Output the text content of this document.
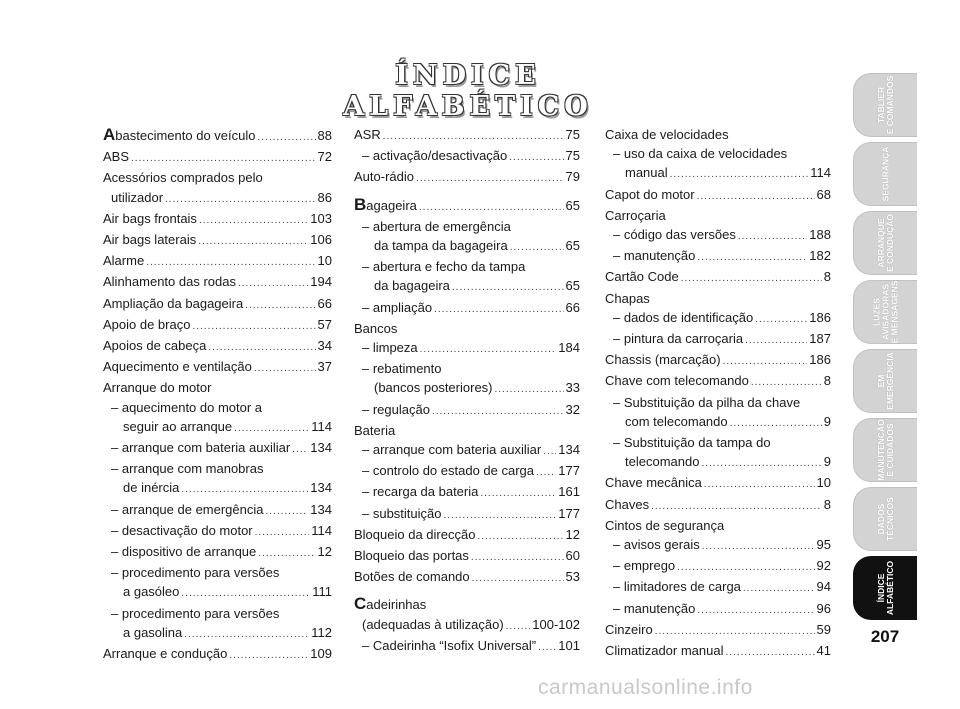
ÍNDICE ALFABÉTICO
Abastecimento do veículo .....	88
ABS .....	72
Acessórios comprados pelo
utilizador .....	86
Air bags frontais .....	103
Air bags laterais .....	106
Alarme .....	10
Alinhamento das rodas .....	194
Ampliação da bagageira .....	66
Apoio de braço .....	57
Apoios de cabeça .....	34
Aquecimento e ventilação .....	37
Arranque do motor
– aquecimento do motor a
seguir ao arranque .....	114
– arranque com bateria auxiliar ..... 134
– arranque com manobras
de inércia .....	134
– arranque de emergência .....	134
– desactivação do motor .....	114
– dispositivo de arranque .....	12
– procedimento para versões
a gasóleo .....	111
– procedimento para versões
a gasolina .....	112
Arranque e condução .....	109
ASR .....	75
– activação/desactivação .....	75
Auto-rádio .....	79
Bagageira .....	65
– abertura de emergência
da tampa da bagageira .....	65
– abertura e fecho da tampa
da bagageira .....	65
– ampliação .....	66
Bancos
– limpeza .....	184
– rebatimento
(bancos posteriores) .....	33
– regulação .....	32
Bateria
– arranque com bateria auxiliar ..... 134
– controlo do estado de carga ..... 177
– recarga da bateria .....	161
– substituição .....	177
Bloqueio da direcção .....	12
Bloqueio das portas .....	60
Botões de comando .....	53
Cadeirinhas
(adequadas à utilização) ..... 100-102
– Cadeirinha “Isofix Universal” ..... 101
Caixa de velocidades
– uso da caixa de velocidades
manual .....	114
Capot do motor .....	68
Carroçaria
– código das versões .....	188
– manutenção .....	182
Cartão Code .....	8
Chapas
– dados de identificação .....	186
– pintura da carroçaria .....	187
Chassis (marcação) .....	186
Chave com telecomando .....	8
– Substituição da pilha da chave
com telecomando .....	9
– Substituição da tampa do
telecomando .....	9
Chave mecânica .....	10
Chaves .....	8
Cintos de segurança
– avisos gerais .....	95
– emprego .....	92
– limitadores de carga .....	94
– manutenção .....	96
Cinzeiro .....	59
Climatizador manual .....	41
TABLIER
E COMANDOS
SEGURANÇA
ARRANQUE
E CONDUÇÃO
LUZES
AVISADORAS
E MENSAGENS
EM
EMERGÊNCIA
MANUTENÇÃO
E CUIDADOS
DADOS
TÉCNICOS
ÍNDICE
ALFABÉTICO
207
carmanualsonline.info
